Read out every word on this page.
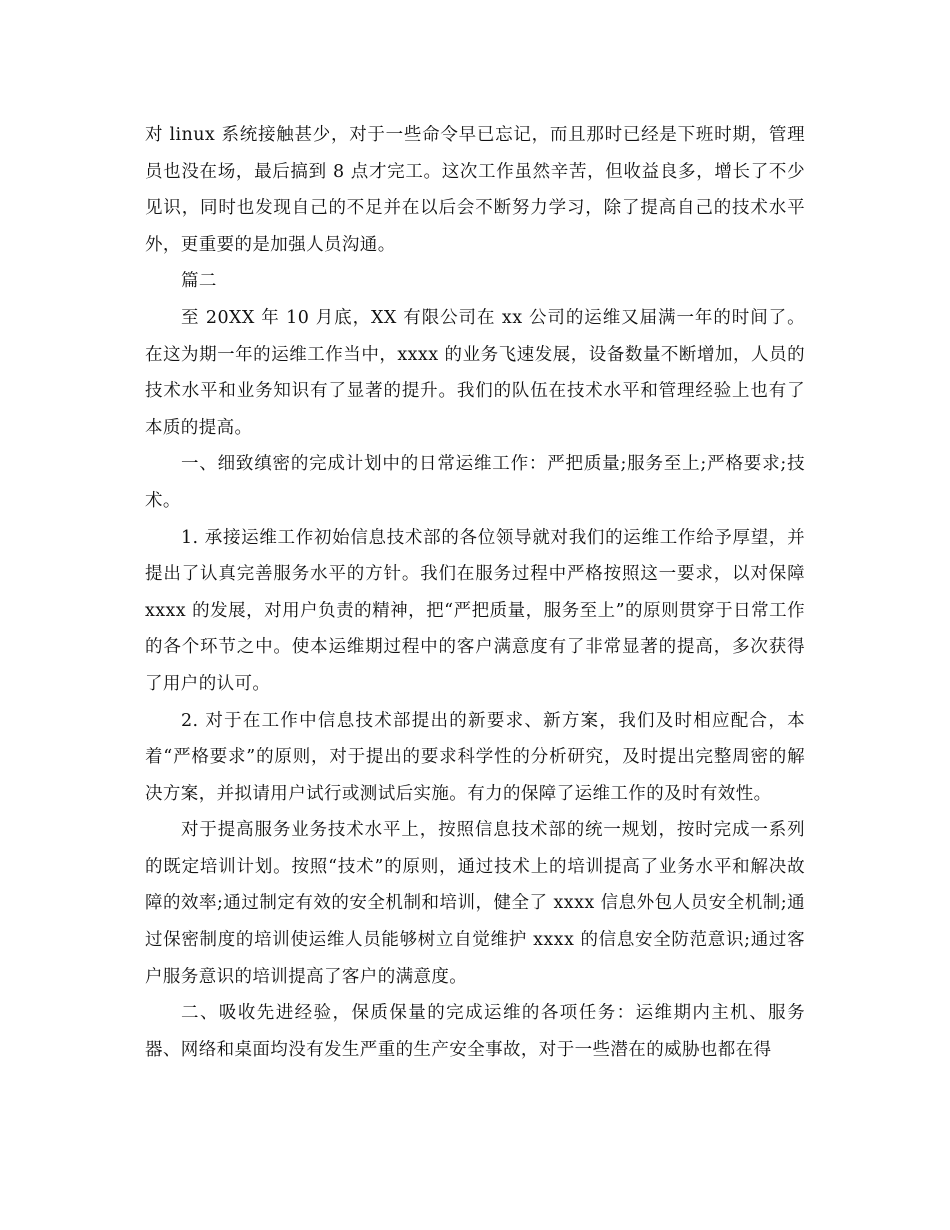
对 linux 系统接触甚少，对于一些命令早已忘记，而且那时已经是下班时期，管理员也没在场，最后搞到 8 点才完工。这次工作虽然辛苦，但收益良多，增长了不少见识，同时也发现自己的不足并在以后会不断努力学习，除了提高自己的技术水平外，更重要的是加强人员沟通。

篇二

至 20XX 年 10 月底，XX 有限公司在 xx 公司的运维又届满一年的时间了。在这为期一年的运维工作当中，xxxx 的业务飞速发展，设备数量不断增加，人员的技术水平和业务知识有了显著的提升。我们的队伍在技术水平和管理经验上也有了本质的提高。

一、细致缜密的完成计划中的日常运维工作：严把质量;服务至上;严格要求;技术。

1. 承接运维工作初始信息技术部的各位领导就对我们的运维工作给予厚望，并提出了认真完善服务水平的方针。我们在服务过程中严格按照这一要求，以对保障 xxxx 的发展，对用户负责的精神，把“严把质量，服务至上”的原则贯穿于日常工作的各个环节之中。使本运维期过程中的客户满意度有了非常显著的提高，多次获得了用户的认可。

2. 对于在工作中信息技术部提出的新要求、新方案，我们及时相应配合，本着“严格要求”的原则，对于提出的要求科学性的分析研究，及时提出完整周密的解决方案，并拟请用户试行或测试后实施。有力的保障了运维工作的及时有效性。

对于提高服务业务技术水平上，按照信息技术部的统一规划，按时完成一系列的既定培训计划。按照“技术”的原则，通过技术上的培训提高了业务水平和解决故障的效率;通过制定有效的安全机制和培训，健全了 xxxx 信息外包人员安全机制;通过保密制度的培训使运维人员能够树立自觉维护 xxxx 的信息安全防范意识;通过客户服务意识的培训提高了客户的满意度。

二、吸收先进经验，保质保量的完成运维的各项任务：运维期内主机、服务器、网络和桌面均没有发生严重的生产安全事故，对于一些潜在的威胁也都在得
